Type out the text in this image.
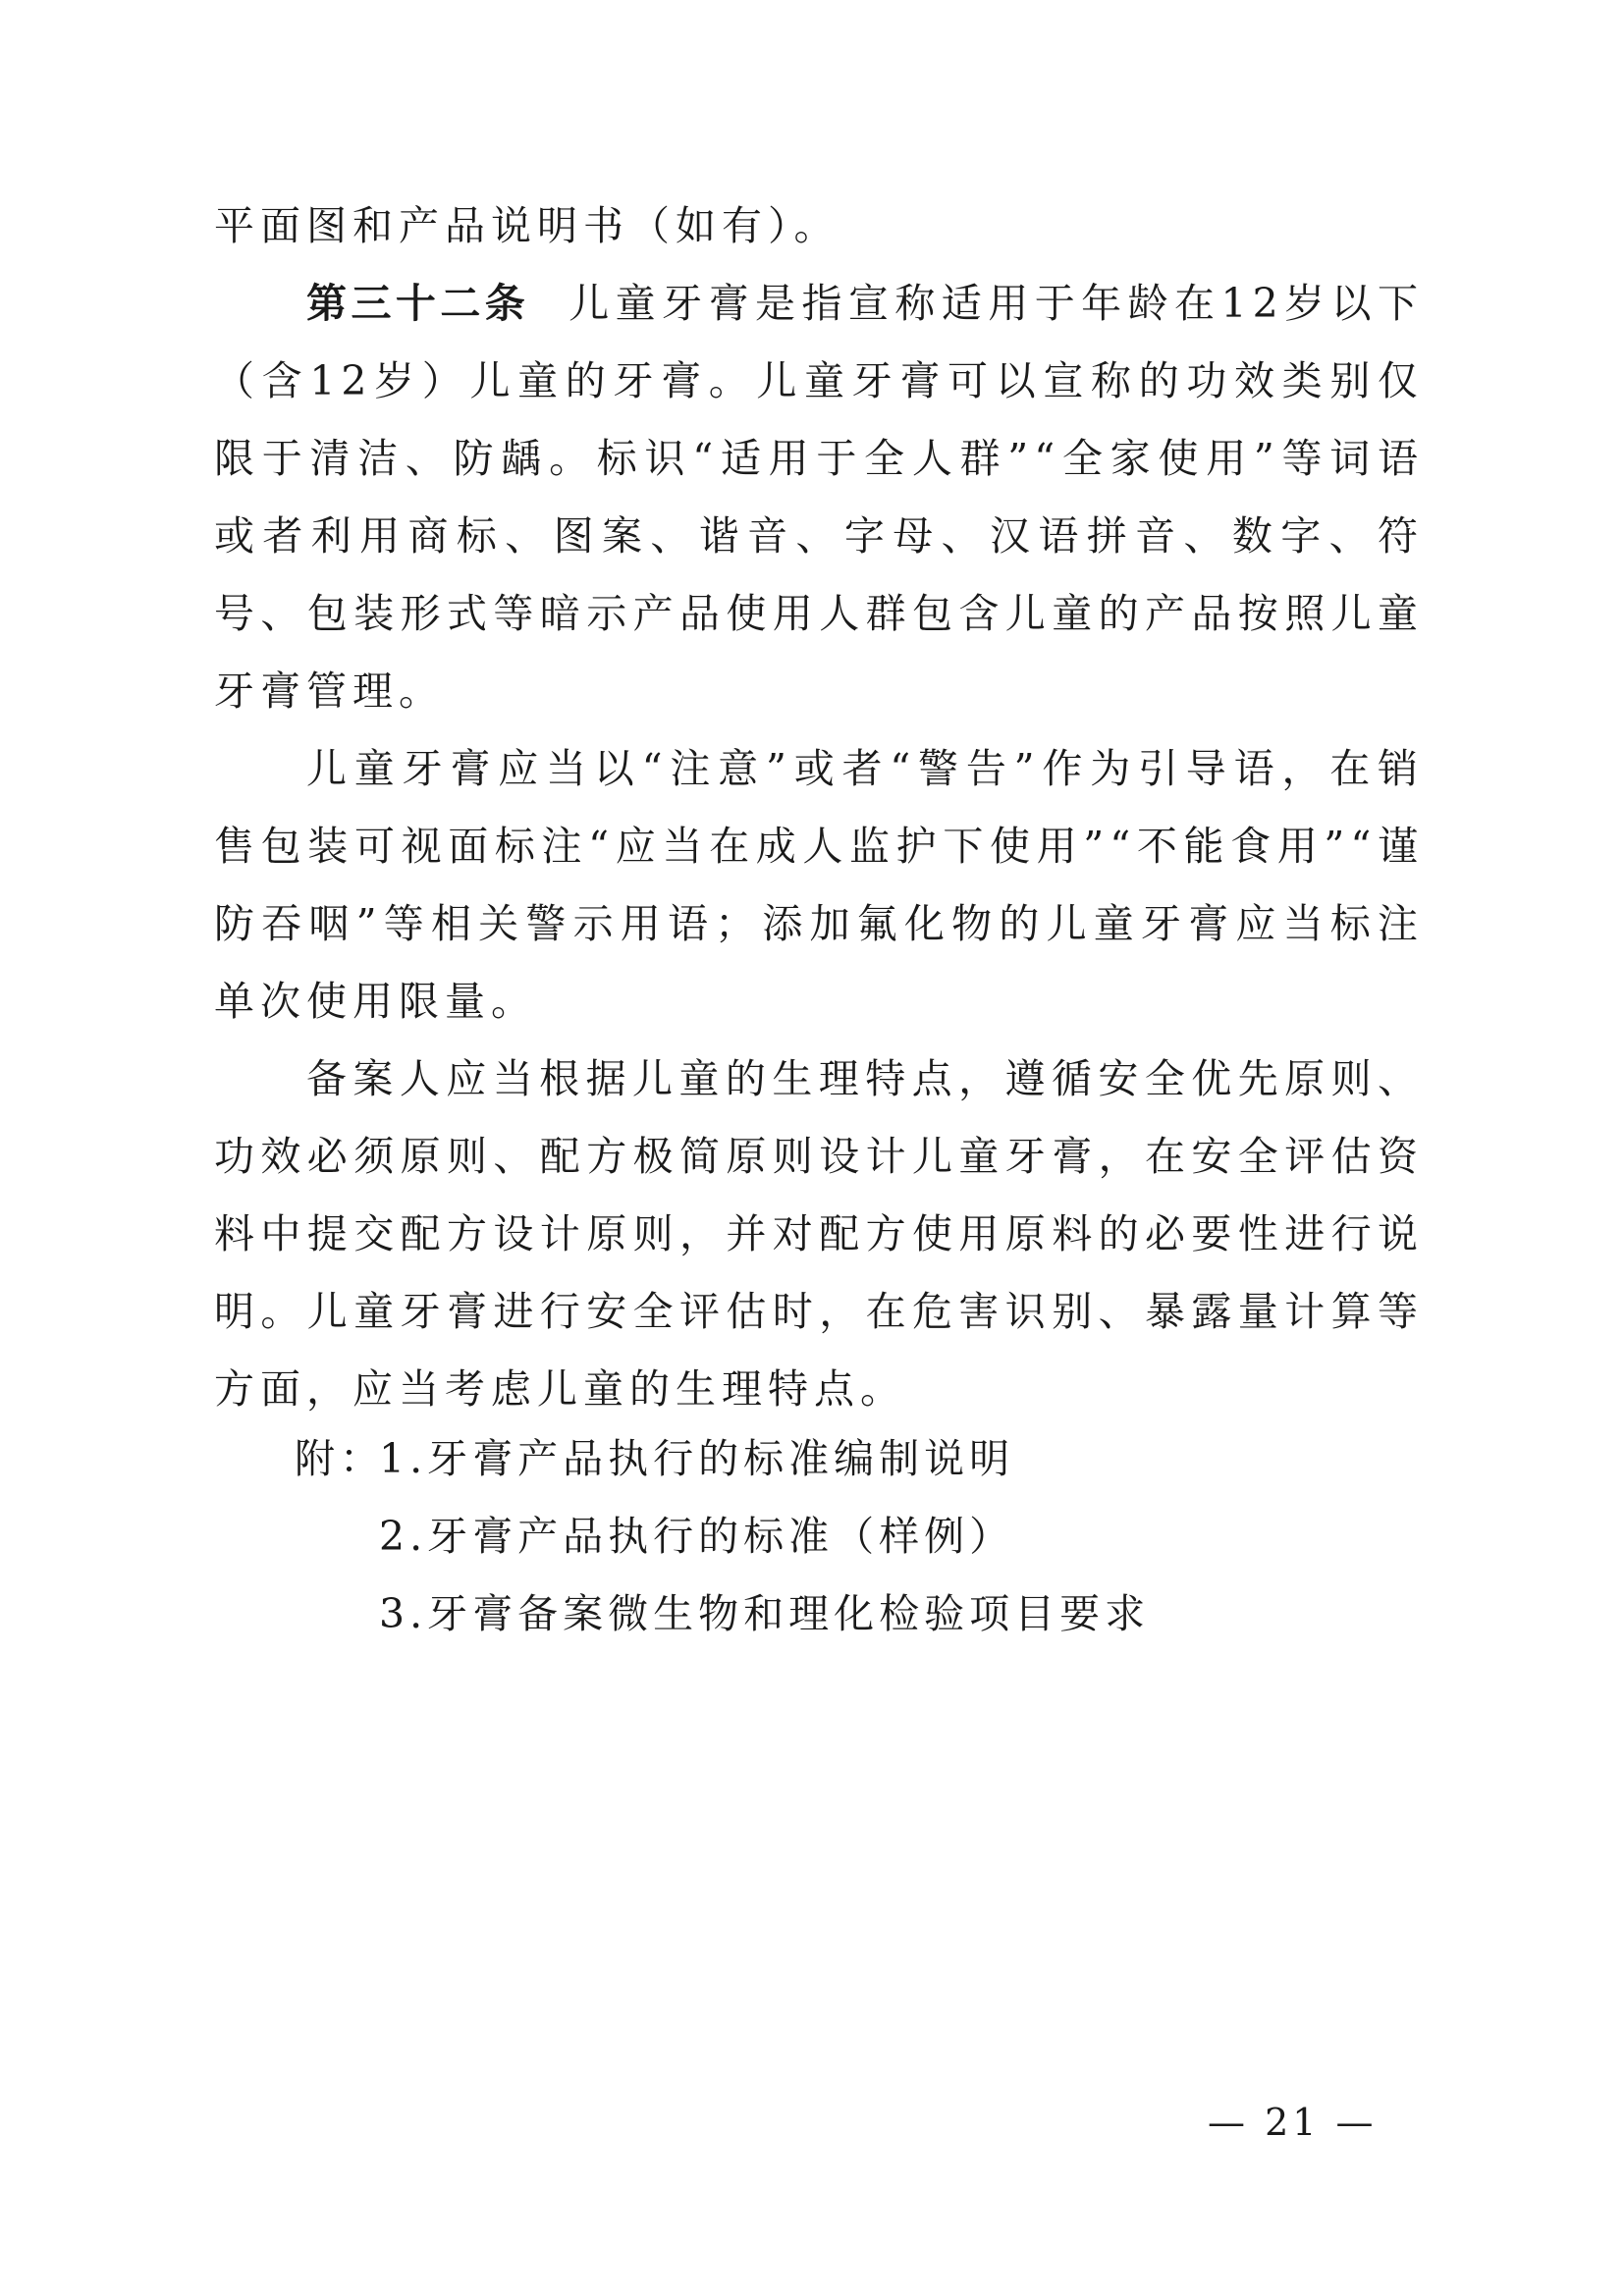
平面图和产品说明书（如有）。

第三十二条 儿童牙膏是指宣称适用于年龄在12岁以下（含12岁）儿童的牙膏。儿童牙膏可以宣称的功效类别仅限于清洁、防龋。标识“适用于全人群”“全家使用”等词语或者利用商标、图案、谐音、字母、汉语拼音、数字、符号、包装形式等暗示产品使用人群包含儿童的产品按照儿童牙膏管理。

儿童牙膏应当以“注意”或者“警告”作为引导语，在销售包装可视面标注“应当在成人监护下使用”“不能食用”“谨防吞咽”等相关警示用语；添加氟化物的儿童牙膏应当标注单次使用限量。

备案人应当根据儿童的生理特点，遵循安全优先原则、功效必须原则、配方极简原则设计儿童牙膏，在安全评估资料中提交配方设计原则，并对配方使用原料的必要性进行说明。儿童牙膏进行安全评估时，在危害识别、暴露量计算等方面，应当考虑儿童的生理特点。

附：
1.牙膏产品执行的标准编制说明
2.牙膏产品执行的标准（样例）
3.牙膏备案微生物和理化检验项目要求
— 21 —
